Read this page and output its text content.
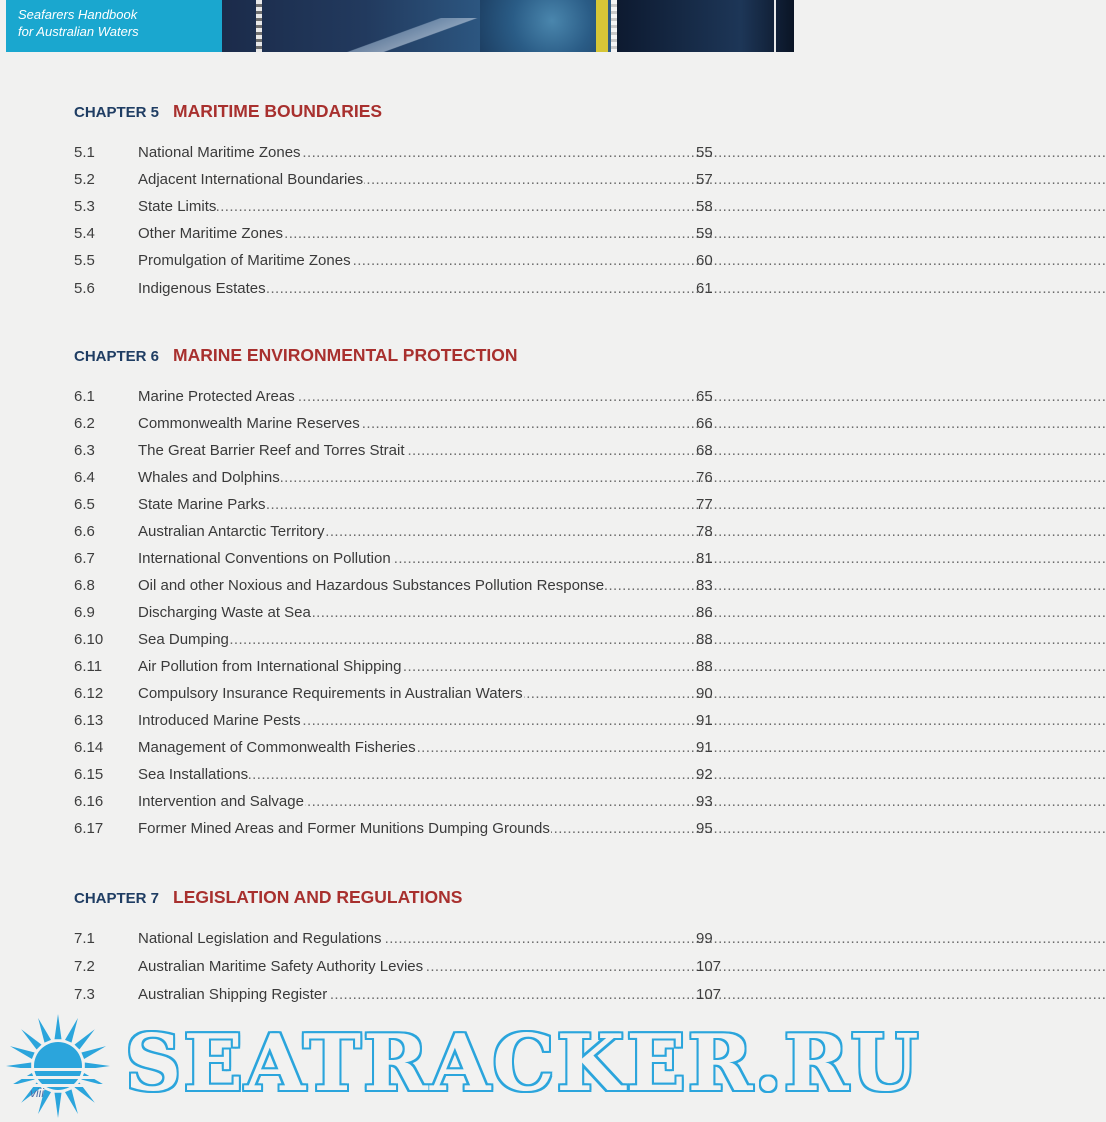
Seafarers Handbook
for Australian Waters
CHAPTER 5 MARITIME BOUNDARIES
5.1	National Maritime Zones .....	55
5.2	Adjacent International Boundaries .....	57
5.3	State Limits .....	58
5.4	Other Maritime Zones .....	59
5.5	Promulgation of Maritime Zones .....	60
5.6	Indigenous Estates .....	61
CHAPTER 6 MARINE ENVIRONMENTAL PROTECTION
6.1	Marine Protected Areas .....	65
6.2	Commonwealth Marine Reserves .....	66
6.3	The Great Barrier Reef and Torres Strait .....	68
6.4	Whales and Dolphins .....	76
6.5	State Marine Parks .....	77
6.6	Australian Antarctic Territory .....	78
6.7	International Conventions on Pollution .....	81
6.8	Oil and other Noxious and Hazardous Substances Pollution Response .....	83
6.9	Discharging Waste at Sea .....	86
6.10 Sea Dumping .....	88
6.11 Air Pollution from International Shipping .....	88
6.12 Compulsory Insurance Requirements in Australian Waters .....	90
6.13 Introduced Marine Pests .....	91
6.14 Management of Commonwealth Fisheries .....	91
6.15 Sea Installations .....	92
6.16 Intervention and Salvage .....	93
6.17 Former Mined Areas and Former Munitions Dumping Grounds .....	95
CHAPTER 7 LEGISLATION AND REGULATIONS
7.1	National Legislation and Regulations .....	99
7.2	Australian Maritime Safety Authority Levies .....	107
7.3	Australian Shipping Register .....	107
SEATRACKER.RU
viii
